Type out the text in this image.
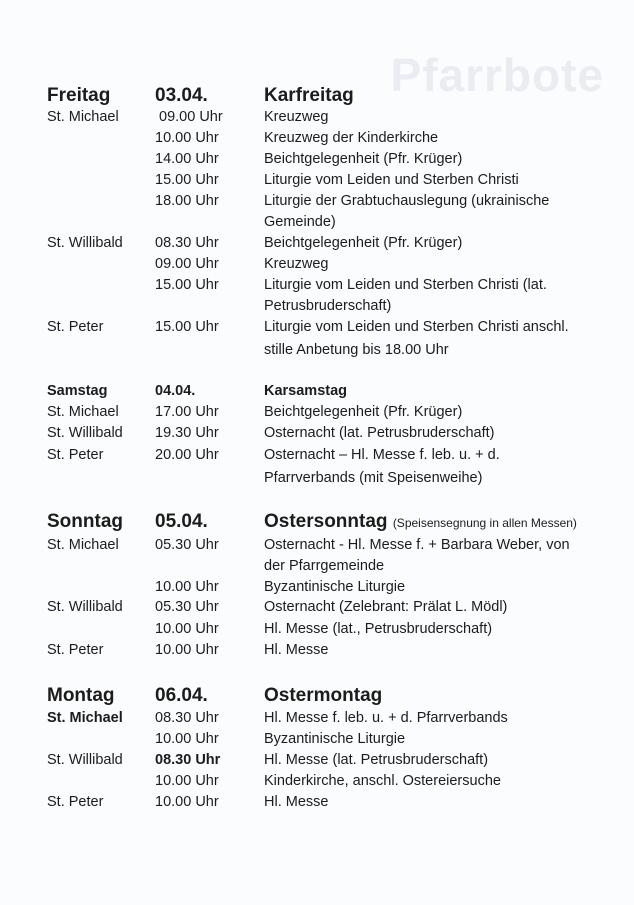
Pfarrbote
Freitag 03.04.	Karfreitag
St. Michael	09.00 Uhr	Kreuzweg
10.00 Uhr	Kreuzweg der Kinderkirche
14.00 Uhr	Beichtgelegenheit (Pfr. Krüger)
15.00 Uhr	Liturgie vom Leiden und Sterben Christi
18.00 Uhr	Liturgie der Grabtuchauslegung (ukrainische
Gemeinde)
St. Willibald 08.30 Uhr	Beichtgelegenheit (Pfr. Krüger)
09.00 Uhr	Kreuzweg
15.00 Uhr	Liturgie vom Leiden und Sterben Christi (lat.
Petrusbruderschaft)
St. Peter	15.00 Uhr	Liturgie vom Leiden und Sterben Christi anschl.
stille Anbetung bis 18.00 Uhr
Samstag	04.04.	Karsamstag
St. Michael	17.00 Uhr	Beichtgelegenheit (Pfr. Krüger)
St. Willibald 19.30 Uhr	Osternacht (lat. Petrusbruderschaft)
St. Peter	20.00 Uhr	Osternacht – Hl. Messe f. leb. u. + d.
Pfarrverbands (mit Speisenweihe)
Sonntag 05.04.	Ostersonntag (Speisensegnung in allen Messen)
St. Michael	05.30 Uhr	Osternacht - Hl. Messe f. + Barbara Weber, von
der Pfarrgemeinde
10.00 Uhr	Byzantinische Liturgie
St. Willibald 05.30 Uhr	Osternacht (Zelebrant: Prälat L. Mödl)
10.00 Uhr	Hl. Messe (lat., Petrusbruderschaft)
St. Peter	10.00 Uhr	Hl. Messe
Montag 06.04.	Ostermontag
St. Michael 08.30 Uhr	Hl. Messe f. leb. u. + d. Pfarrverbands
10.00 Uhr	Byzantinische Liturgie
St. Willibald 08.30 Uhr	Hl. Messe (lat. Petrusbruderschaft)
10.00 Uhr	Kinderkirche, anschl. Ostereiersuche
St. Peter	10.00 Uhr	Hl. Messe
